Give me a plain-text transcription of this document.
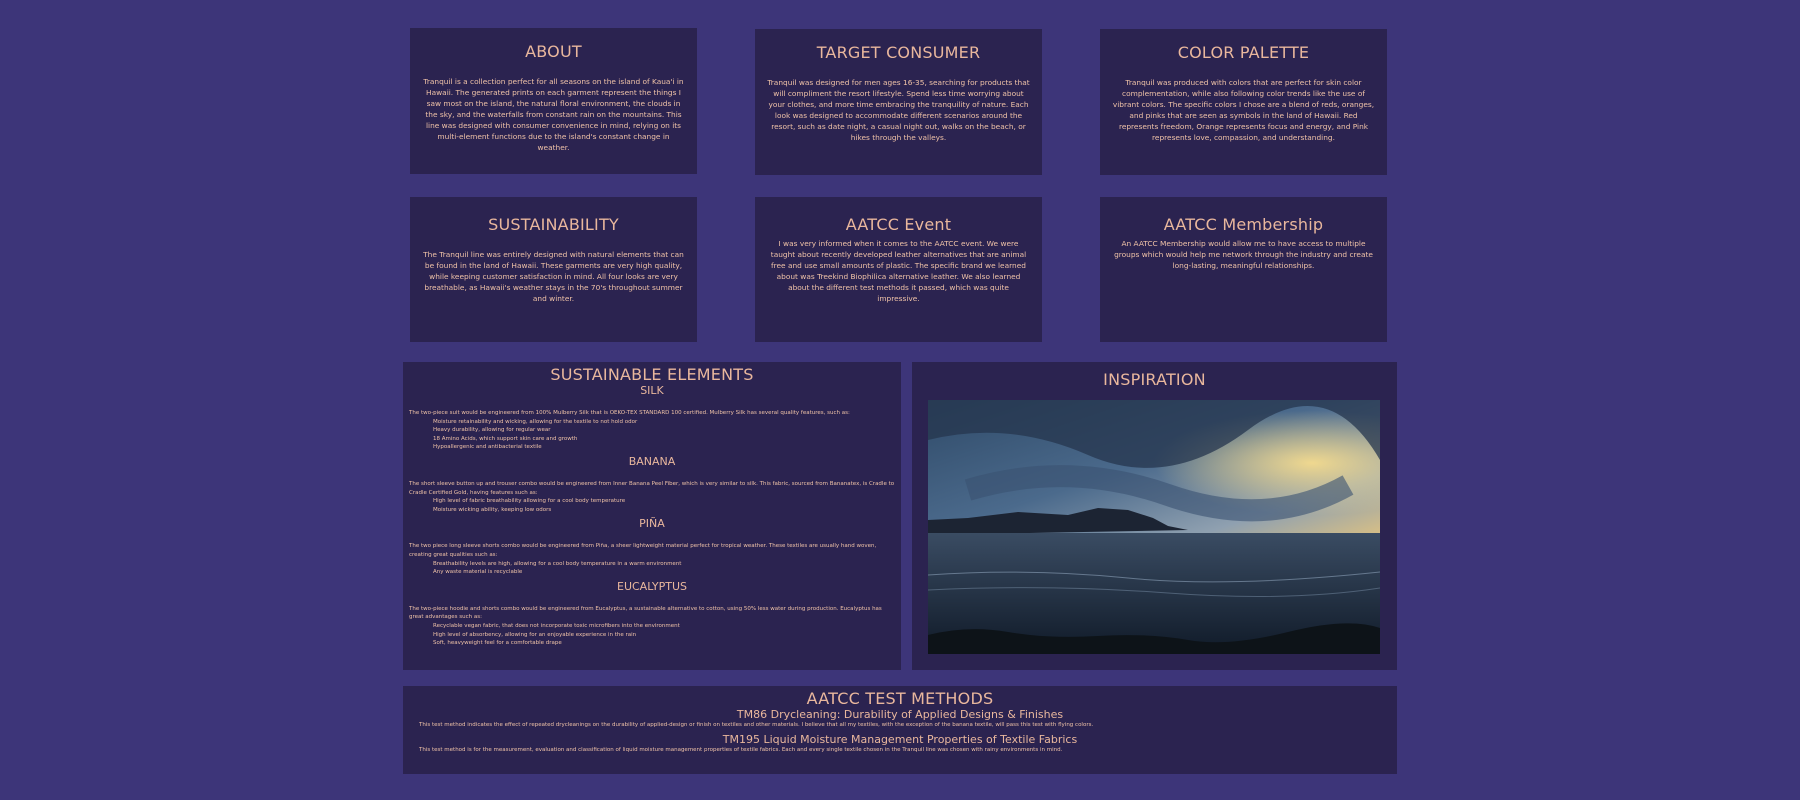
ABOUT

Tranquil is a collection perfect for all seasons on the island of Kaua'i in Hawaii. The generated prints on each garment represent the things I saw most on the island, the natural floral environment, the clouds in the sky, and the waterfalls from constant rain on the mountains. This line was designed with consumer convenience in mind, relying on its multi-element functions due to the island's constant change in weather.

TARGET CONSUMER

Tranquil was designed for men ages 16-35, searching for products that will compliment the resort lifestyle. Spend less time worrying about your clothes, and more time embracing the tranquility of nature. Each look was designed to accommodate different scenarios around the resort, such as date night, a casual night out, walks on the beach, or hikes through the valleys.

COLOR PALETTE

Tranquil was produced with colors that are perfect for skin color complementation, while also following color trends like the use of vibrant colors. The specific colors I chose are a blend of reds, oranges, and pinks that are seen as symbols in the land of Hawaii. Red represents freedom, Orange represents focus and energy, and Pink represents love, compassion, and understanding.

SUSTAINABILITY

The Tranquil line was entirely designed with natural elements that can be found in the land of Hawaii. These garments are very high quality, while keeping customer satisfaction in mind. All four looks are very breathable, as Hawaii's weather stays in the 70's throughout summer and winter.

AATCC Event

I was very informed when it comes to the AATCC event. We were taught about recently developed leather alternatives that are animal free and use small amounts of plastic. The specific brand we learned about was Treekind Biophilica alternative leather. We also learned about the different test methods it passed, which was quite impressive.

AATCC Membership

An AATCC Membership would allow me to have access to multiple groups which would help me network through the industry and create long-lasting, meaningful relationships.

SUSTAINABLE ELEMENTS
SILK
The two-piece suit would be engineered from 100% Mulberry Silk that is OEKO-TEX STANDARD 100 certified. Mulberry Silk has several quality features, such as:
Moisture retainability and wicking, allowing for the textile to not hold odor
Heavy durability, allowing for regular wear
18 Amino Acids, which support skin care and growth
Hypoallergenic and antibacterial textile
BANANA
The short sleeve button up and trouser combo would be engineered from Inner Banana Peel Fiber, which is very similar to silk. This fabric, sourced from Bananatex, is Cradle to Cradle Certified Gold, having features such as:
High level of fabric breathability allowing for a cool body temperature
Moisture wicking ability, keeping low odors
PIÑA
The two piece long sleeve shorts combo would be engineered from Piña, a sheer lightweight material perfect for tropical weather. These textiles are usually hand woven, creating great qualities such as:
Breathability levels are high, allowing for a cool body temperature in a warm environment
Any waste material is recyclable
EUCALYPTUS
The two-piece hoodie and shorts combo would be engineered from Eucalyptus, a sustainable alternative to cotton, using 50% less water during production. Eucalyptus has great advantages such as:
Recyclable vegan fabric, that does not incorporate toxic microfibers into the environment
High level of absorbency, allowing for an enjoyable experience in the rain
Soft, heavyweight feel for a comfortable drape
INSPIRATION
AATCC TEST METHODS
TM86 Drycleaning: Durability of Applied Designs & Finishes
This test method indicates the effect of repeated drycleanings on the durability of applied-design or finish on textiles and other materials. I believe that all my textiles, with the exception of the banana textile, will pass this test with flying colors.
TM195 Liquid Moisture Management Properties of Textile Fabrics
This test method is for the measurement, evaluation and classification of liquid moisture management properties of textile fabrics. Each and every single textile chosen in the Tranquil line was chosen with rainy environments in mind.
